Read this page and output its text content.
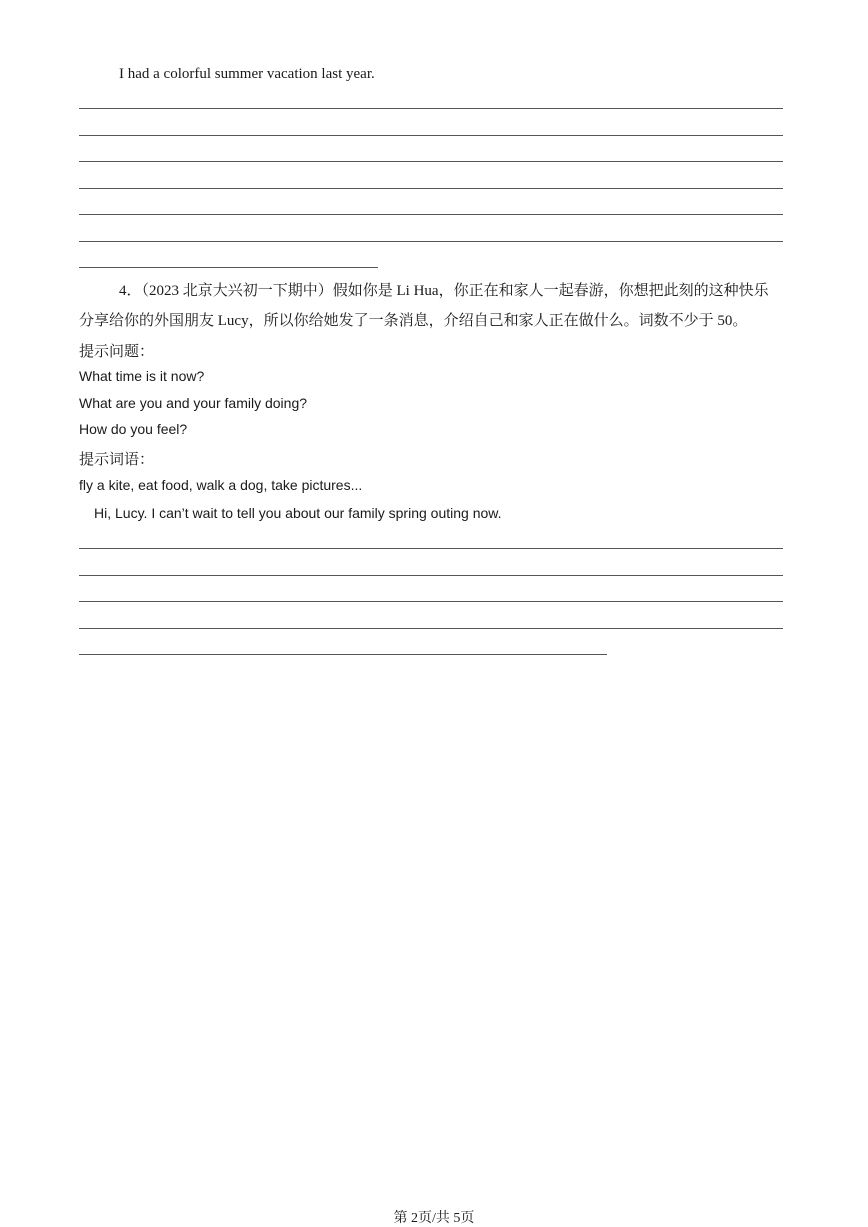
I had a colorful summer vacation last year.
4．（2023 北京大兴初一下期中）假如你是 Li Hua，你正在和家人一起春游，你想把此刻的这种快乐
分享给你的外国朋友 Lucy，所以你给她发了一条消息，介绍自己和家人正在做什么。词数不少于 50。
提示问题：
What time is it now?
What are you and your family doing?
How do you feel?
提示词语：
fly a kite, eat food, walk a dog, take pictures...
Hi, Lucy. I can’t wait to tell you about our family spring outing now.
第 2页/共 5页
